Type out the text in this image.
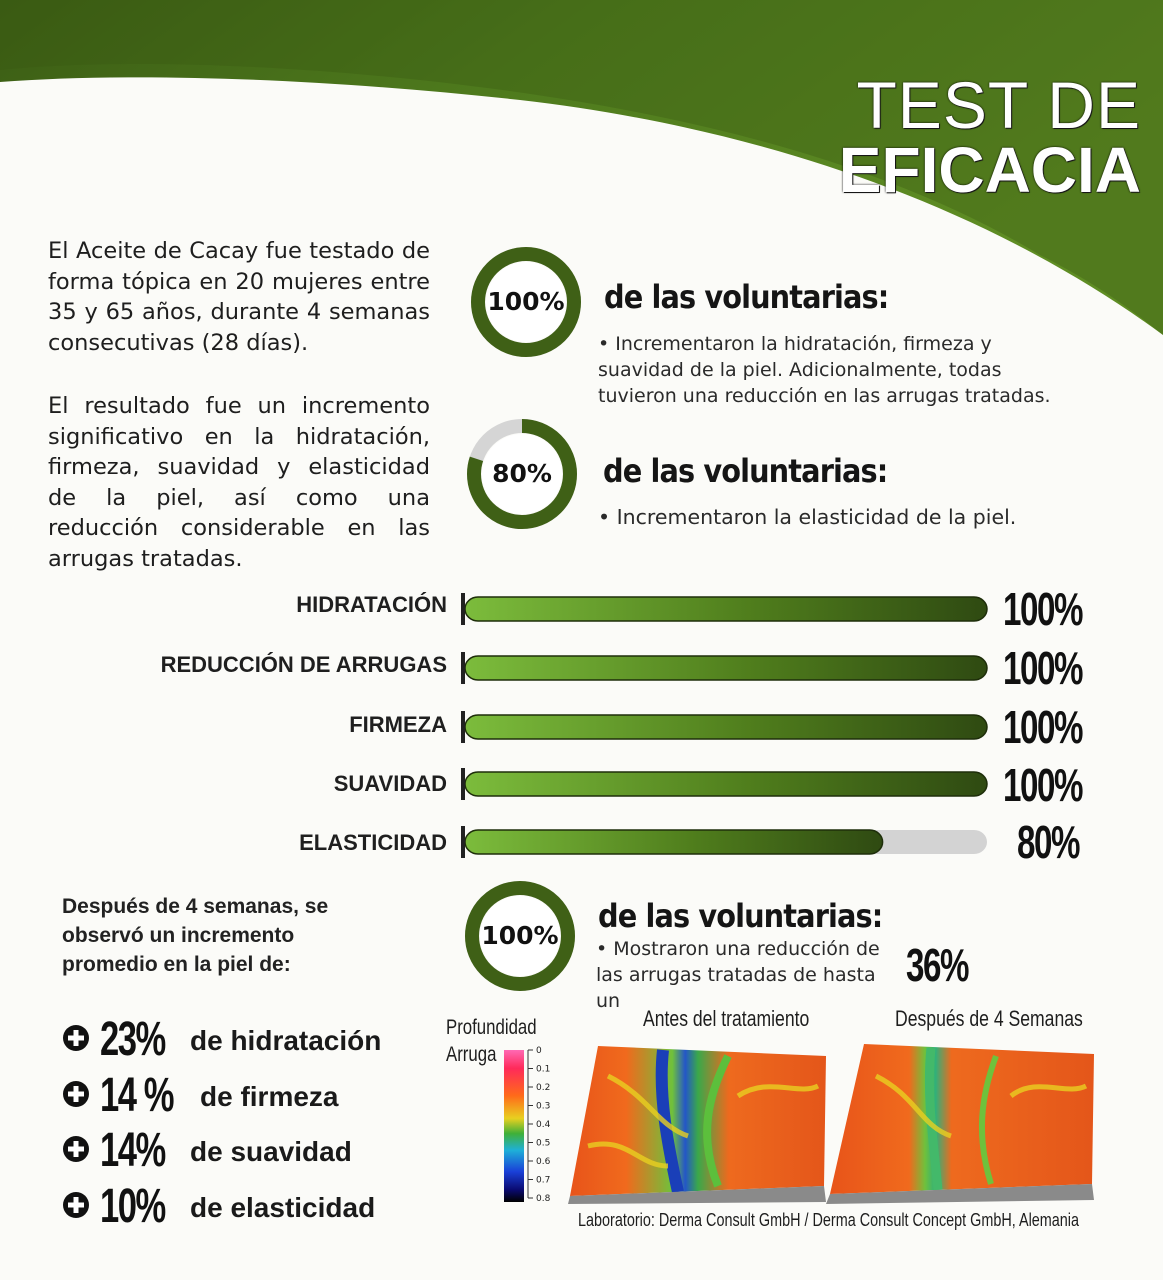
TEST DE
EFICACIA
El Aceite de Cacay fue testado de forma tópica en 20 mujeres entre 35 y 65 años, durante 4 semanas consecutivas (28 días).
El resultado fue un incremento significativo en la hidratación, firmeza, suavidad y elasticidad de la piel, así como una reducción considerable en las arrugas tratadas.
100%	de las voluntarias:
• Incrementaron la hidratación, firmeza y suavidad de la piel. Adicionalmente, todas tuvieron una reducción en las arrugas tratadas.
80%	de las voluntarias:
• Incrementaron la elasticidad de la piel.
HIDRATACIÓN	100%
REDUCCIÓN DE ARRUGAS	100%
FIRMEZA	100%
SUAVIDAD	100%
ELASTICIDAD	80%
Después de 4 semanas, se observó un incremento promedio en la piel de:
23% de hidratación
14 % de firmeza
14% de suavidad
10% de elasticidad
100%
de las voluntarias:
• Mostraron una reducción de las arrugas tratadas de hasta un
36%
Profundidad
Arruga	0
0.1
0.2
0.3
0.4
0.5
0.6
0.7
0.8
Antes del tratamiento	Después de 4 Semanas
Laboratorio: Derma Consult GmbH / Derma Consult Concept GmbH, Alemania
